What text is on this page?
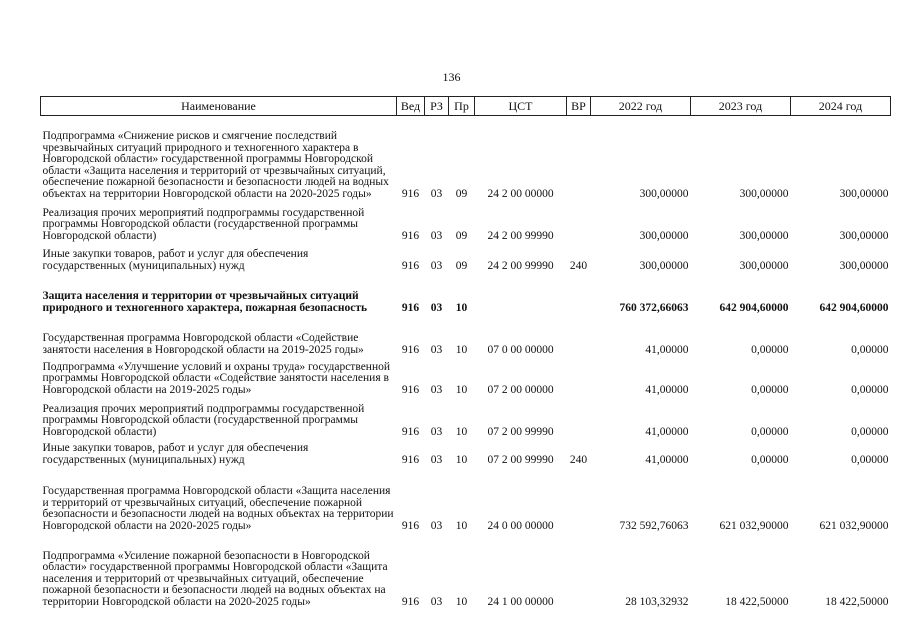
136
Наименование	Вед	РЗ	Пр	ЦСТ	ВР	2022 год	2023 год	2024 год
Подпрограмма «Снижение рисков и смягчение последствий чрезвычайных ситуаций природного и техногенного характера в Новгородской области» государственной программы Новгородской области «Защита населения и территорий от чрезвычайных ситуаций, обеспечение пожарной безопасности и безопасности людей на водных объектах на территории Новгородской области на 2020-2025 годы»	916	03	09	24 2 00 00000		300,00000	300,00000	300,00000
Реализация прочих мероприятий подпрограммы государственной программы Новгородской области (государственной программы Новгородской области)	916	03	09	24 2 00 99990		300,00000	300,00000	300,00000
Иные закупки товаров, работ и услуг для обеспечения государственных (муниципальных) нужд	916	03	09	24 2 00 99990	240	300,00000	300,00000	300,00000
Защита населения и территории от чрезвычайных ситуаций природного и техногенного характера, пожарная безопасность	916	03	10			760 372,66063	642 904,60000	642 904,60000
Государственная программа Новгородской области «Содействие занятости населения в Новгородской области на 2019-2025 годы»	916	03	10	07 0 00 00000		41,00000	0,00000	0,00000
Подпрограмма «Улучшение условий и охраны труда» государственной программы Новгородской области «Содействие занятости населения в Новгородской области на 2019-2025 годы»	916	03	10	07 2 00 00000		41,00000	0,00000	0,00000
Реализация прочих мероприятий подпрограммы государственной программы Новгородской области (государственной программы Новгородской области)	916	03	10	07 2 00 99990		41,00000	0,00000	0,00000
Иные закупки товаров, работ и услуг для обеспечения государственных (муниципальных) нужд	916	03	10	07 2 00 99990	240	41,00000	0,00000	0,00000
Государственная программа Новгородской области «Защита населения и территорий от чрезвычайных ситуаций, обеспечение пожарной безопасности и безопасности людей на водных объектах на территории Новгородской области на 2020-2025 годы»	916	03	10	24 0 00 00000		732 592,76063	621 032,90000	621 032,90000
Подпрограмма «Усиление пожарной безопасности в Новгородской области» государственной программы Новгородской области «Защита населения и территорий от чрезвычайных ситуаций, обеспечение пожарной безопасности и безопасности людей на водных объектах на территории Новгородской области на 2020-2025 годы»	916	03	10	24 1 00 00000		28 103,32932	18 422,50000	18 422,50000
